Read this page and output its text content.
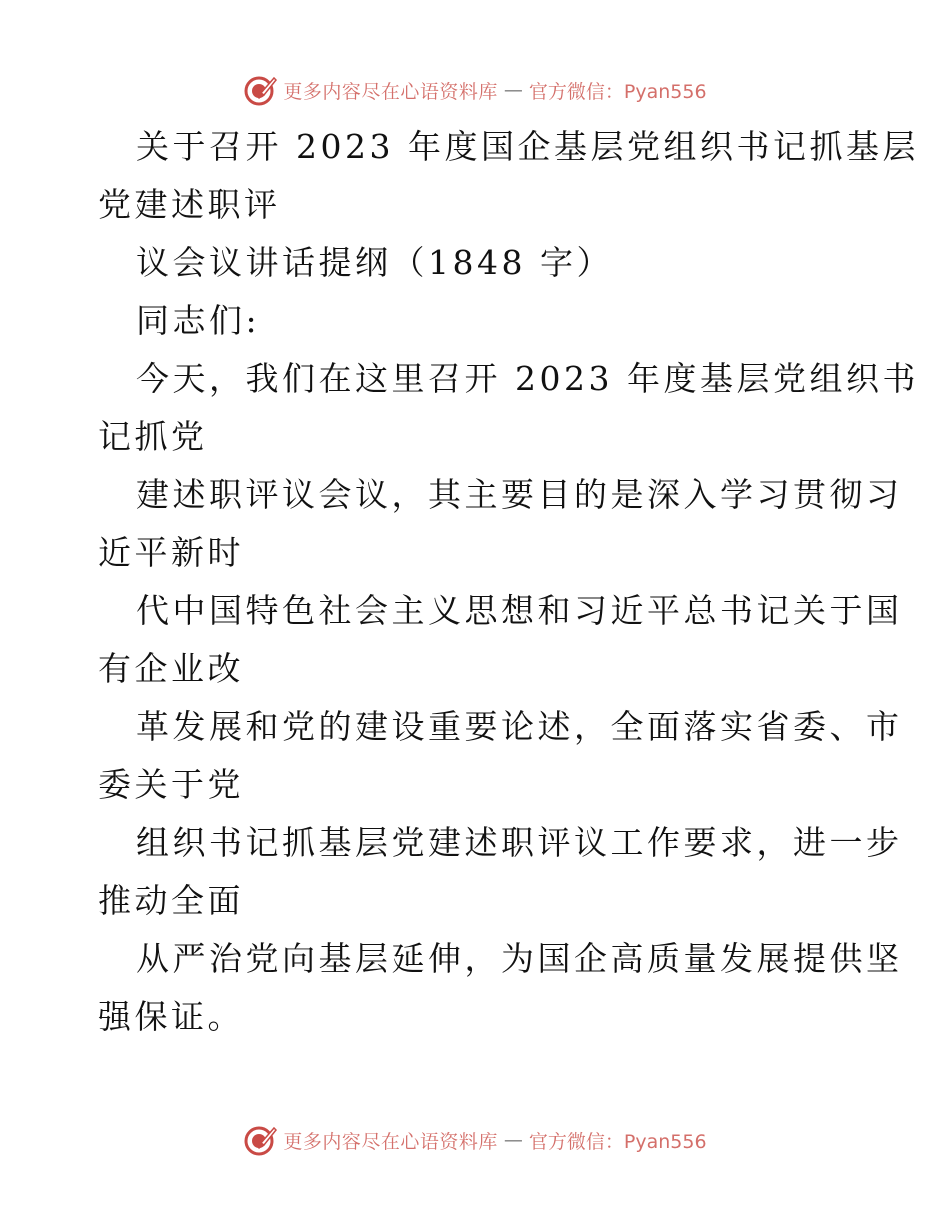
更多内容尽在心语资料库 — 官方微信：Pyan556
关于召开 2023 年度国企基层党组织书记抓基层
党建述职评
议会议讲话提纲（1848 字）
同志们:
今天，我们在这里召开 2023 年度基层党组织书
记抓党
建述职评议会议，其主要目的是深入学习贯彻习
近平新时
代中国特色社会主义思想和习近平总书记关于国
有企业改
革发展和党的建设重要论述，全面落实省委、市
委关于党
组织书记抓基层党建述职评议工作要求，进一步
推动全面
从严治党向基层延伸，为国企高质量发展提供坚
强保证。
更多内容尽在心语资料库 — 官方微信：Pyan556
